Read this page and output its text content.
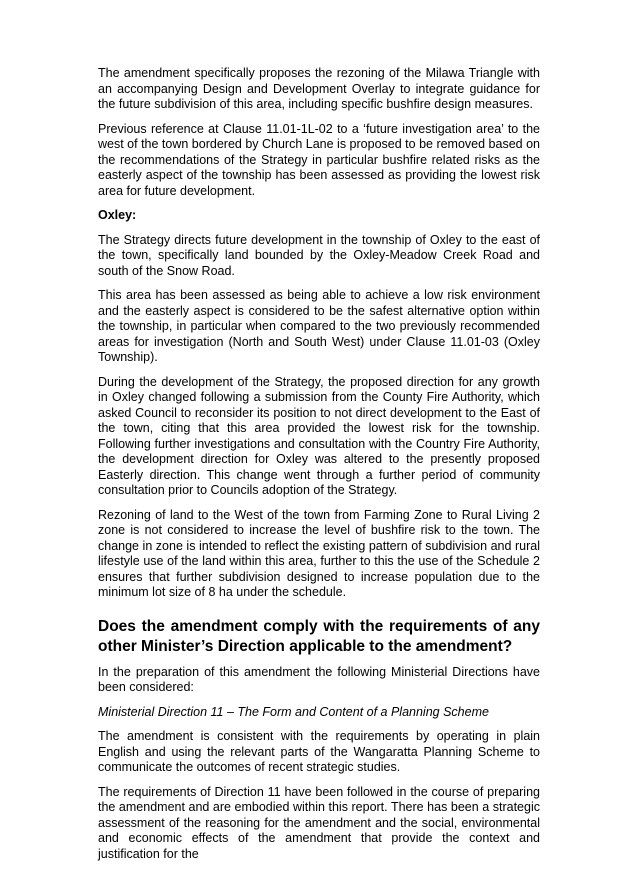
The amendment specifically proposes the rezoning of the Milawa Triangle with an accompanying Design and Development Overlay to integrate guidance for the future subdivision of this area, including specific bushfire design measures.

Previous reference at Clause 11.01-1L-02 to a ‘future investigation area’ to the west of the town bordered by Church Lane is proposed to be removed based on the recommendations of the Strategy in particular bushfire related risks as the easterly aspect of the township has been assessed as providing the lowest risk area for future development.

Oxley:

The Strategy directs future development in the township of Oxley to the east of the town, specifically land bounded by the Oxley-Meadow Creek Road and south of the Snow Road.

This area has been assessed as being able to achieve a low risk environment and the easterly aspect is considered to be the safest alternative option within the township, in particular when compared to the two previously recommended areas for investigation (North and South West) under Clause 11.01-03 (Oxley Township).

During the development of the Strategy, the proposed direction for any growth in Oxley changed following a submission from the County Fire Authority, which asked Council to reconsider its position to not direct development to the East of the town, citing that this area provided the lowest risk for the township. Following further investigations and consultation with the Country Fire Authority, the development direction for Oxley was altered to the presently proposed Easterly direction. This change went through a further period of community consultation prior to Councils adoption of the Strategy.

Rezoning of land to the West of the town from Farming Zone to Rural Living 2 zone is not considered to increase the level of bushfire risk to the town. The change in zone is intended to reflect the existing pattern of subdivision and rural lifestyle use of the land within this area, further to this the use of the Schedule 2 ensures that further subdivision designed to increase population due to the minimum lot size of 8 ha under the schedule.

Does the amendment comply with the requirements of any other Minister’s Direction applicable to the amendment?

In the preparation of this amendment the following Ministerial Directions have been considered:

Ministerial Direction 11 – The Form and Content of a Planning Scheme

The amendment is consistent with the requirements by operating in plain English and using the relevant parts of the Wangaratta Planning Scheme to communicate the outcomes of recent strategic studies.

The requirements of Direction 11 have been followed in the course of preparing the amendment and are embodied within this report. There has been a strategic assessment of the reasoning for the amendment and the social, environmental and economic effects of the amendment that provide the context and justification for the
